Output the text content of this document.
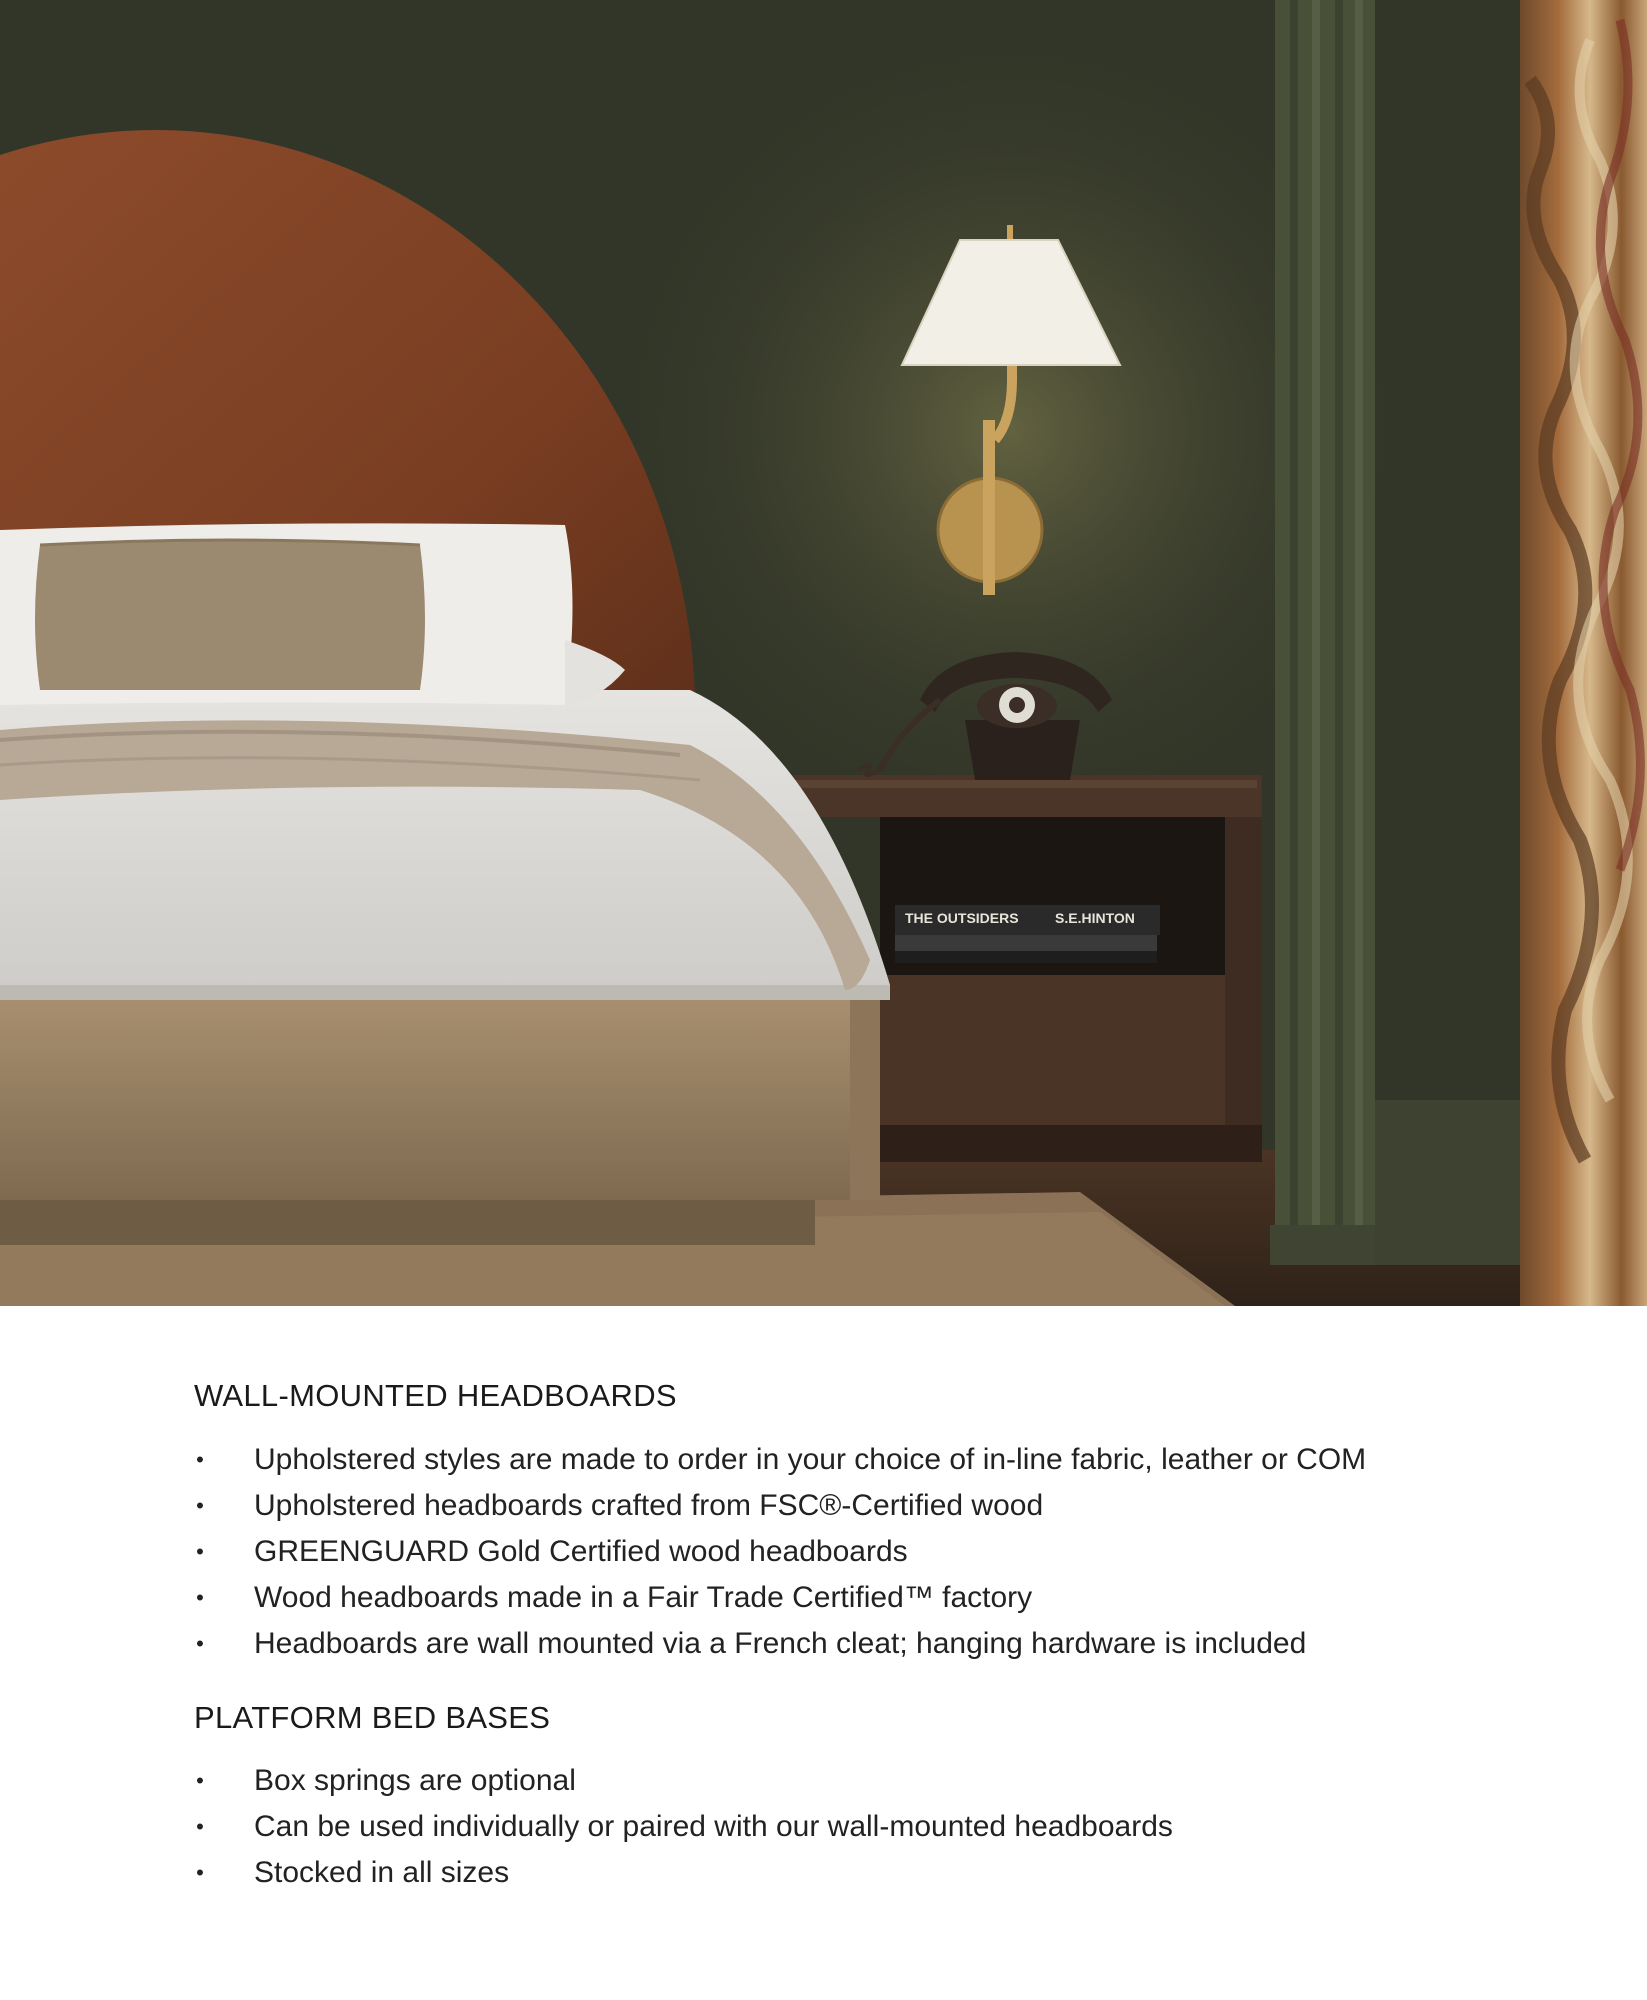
THE OUTSIDERS	S.E.HINTON
WALL-MOUNTED HEADBOARDS
• Upholstered styles are made to order in your choice of in-line fabric, leather or COM
• Upholstered headboards crafted from FSC®-Certified wood
• GREENGUARD Gold Certified wood headboards
• Wood headboards made in a Fair Trade Certified™ factory
• Headboards are wall mounted via a French cleat; hanging hardware is included
PLATFORM BED BASES
• Box springs are optional
• Can be used individually or paired with our wall-mounted headboards
• Stocked in all sizes
